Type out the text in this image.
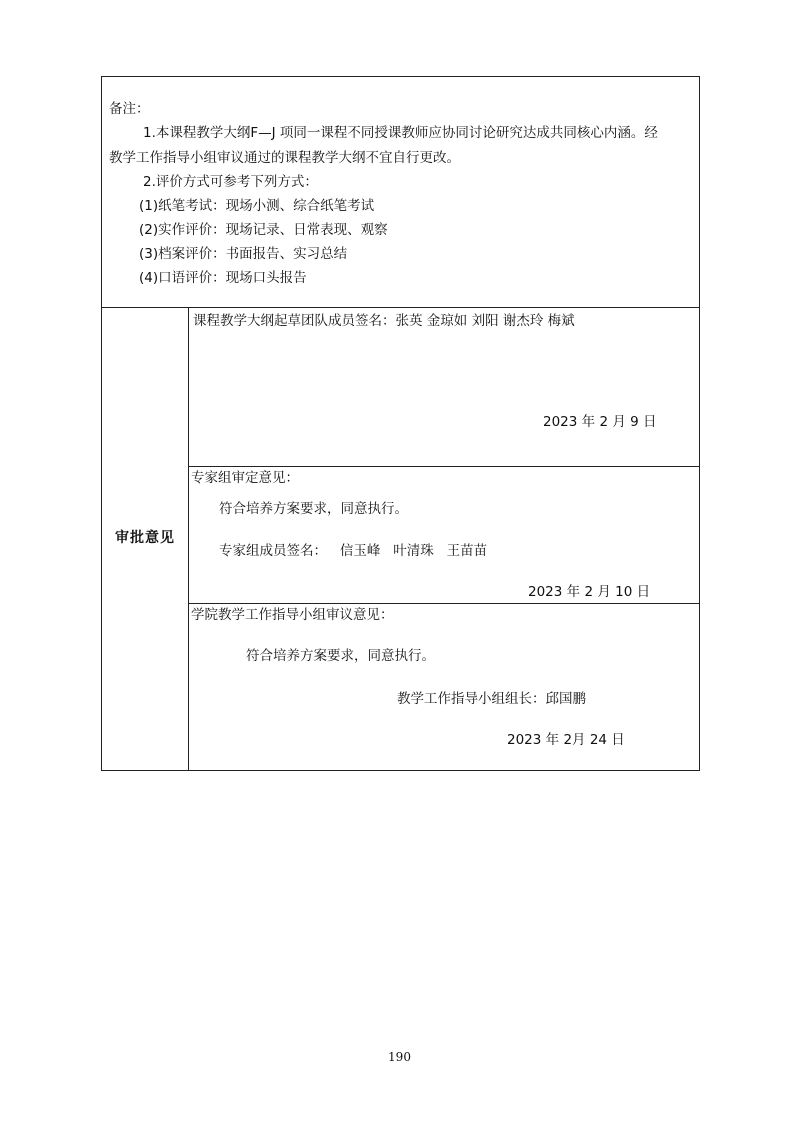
备注：
1.本课程教学大纲F—J 项同一课程不同授课教师应协同讨论研究达成共同核心内涵。经
教学工作指导小组审议通过的课程教学大纲不宜自行更改。
2.评价方式可参考下列方式：
(1)纸笔考试：现场小测、综合纸笔考试
(2)实作评价：现场记录、日常表现、观察
(3)档案评价：书面报告、实习总结
(4)口语评价：现场口头报告
审批意见
课程教学大纲起草团队成员签名：张英 金琼如 刘阳 谢杰玲 梅斌
2023 年 2 月 9 日
专家组审定意见：
符合培养方案要求，同意执行。
专家组成员签名：   信玉峰   叶清珠   王苗苗
2023 年 2 月 10 日
学院教学工作指导小组审议意见：
符合培养方案要求，同意执行。
教学工作指导小组组长：邱国鹏
2023 年 2月 24 日
190
